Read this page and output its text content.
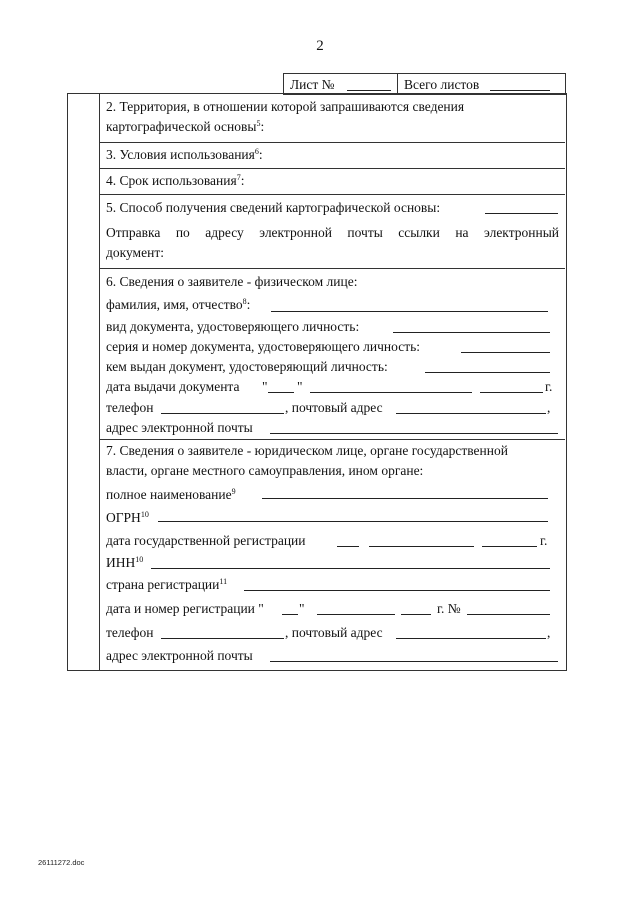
2
Лист №	Всего листов
2. Территория, в отношении которой запрашиваются сведения
картографической основы$^5$:
3. Условия использования$^6$:
4. Срок использования$^7$:
5. Способ получения сведений картографической основы:
Отправка по адресу электронной почты ссылки на электронный
документ:
6. Сведения о заявителе - физическом лице:
фамилия, имя, отчество$^8$:
вид документа, удостоверяющего личность:
серия и номер документа, удостоверяющего личность:
кем выдан документ, удостоверяющий личность:
дата выдачи документа	" "	г.
телефон	, почтовый адрес	,
адрес электронной почты
7. Сведения о заявителе - юридическом лице, органе государственной
власти, органе местного самоуправления, ином органе:
полное наименование$^9$
ОГРН$^{10}$
дата государственной регистрации	г.
ИНН$^{10}$
страна регистрации$^{11}$
дата и номер регистрации "	"	г. №
телефон	, почтовый адрес	,
адрес электронной почты
26111272.doc
